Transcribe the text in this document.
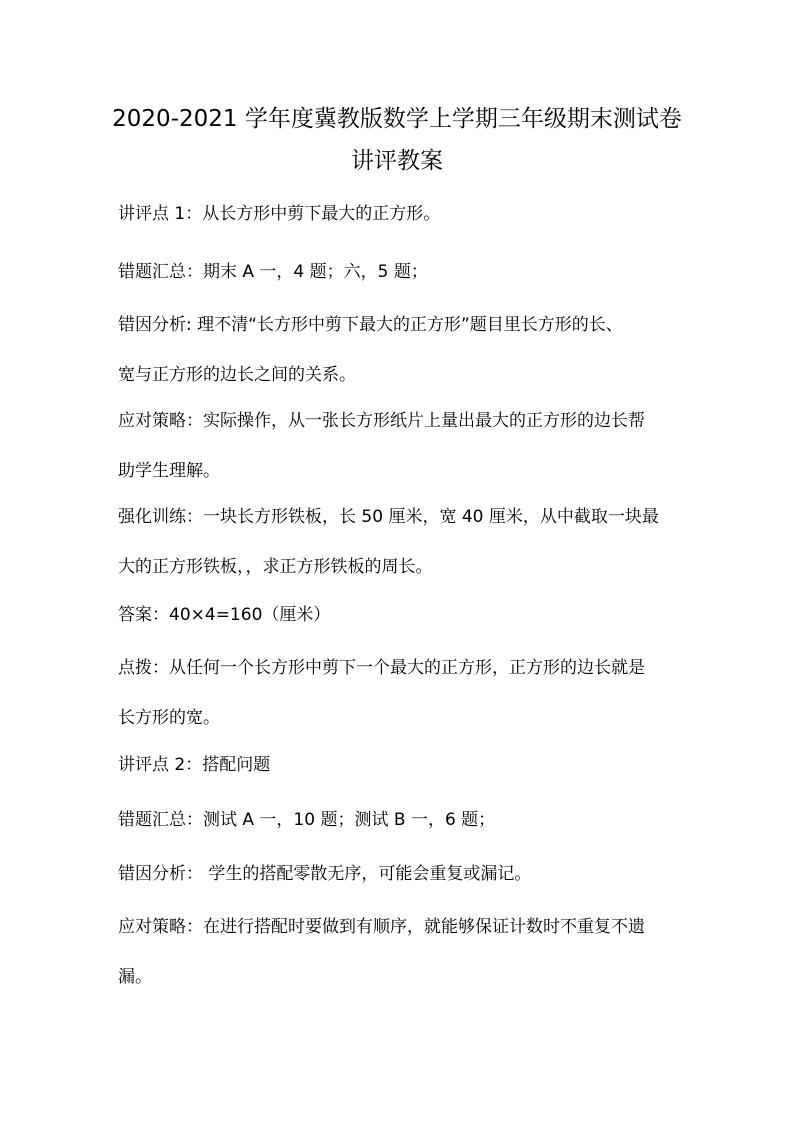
2020-2021 学年度冀教版数学上学期三年级期末测试卷
讲评教案
讲评点 1：从长方形中剪下最大的正方形。
错题汇总：期末 A 一，4 题；六，5 题；
错因分析: 理不清“长方形中剪下最大的正方形”题目里长方形的长、
宽与正方形的边长之间的关系。
应对策略：实际操作，从一张长方形纸片上量出最大的正方形的边长帮
助学生理解。
强化训练：一块长方形铁板，长 50 厘米，宽 40 厘米，从中截取一块最
大的正方形铁板，，求正方形铁板的周长。
答案：40×4=160（厘米）
点拨：从任何一个长方形中剪下一个最大的正方形，正方形的边长就是
长方形的宽。
讲评点 2：搭配问题
错题汇总：测试 A 一，10 题；测试 B 一，6 题；
错因分析： 学生的搭配零散无序，可能会重复或漏记。
应对策略：在进行搭配时要做到有顺序，就能够保证计数时不重复不遗
漏。
